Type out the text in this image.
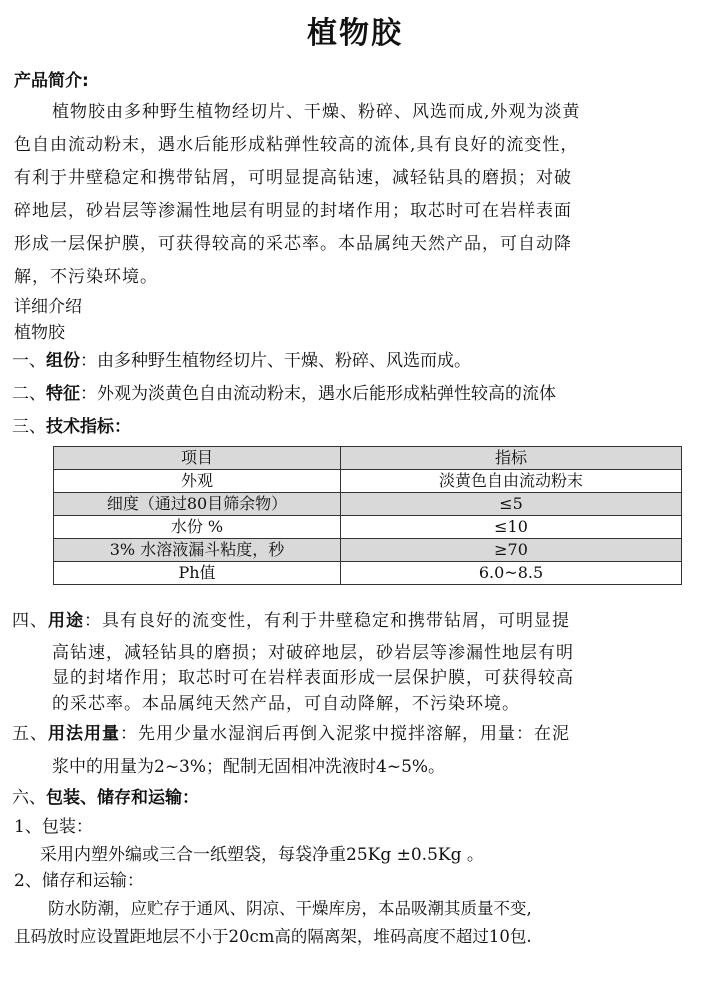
植物胶
产品简介:
植物胶由多种野生植物经切片、干燥、粉碎、风选而成,外观为淡黄
色自由流动粉末，遇水后能形成粘弹性较高的流体,具有良好的流变性，
有利于井壁稳定和携带钻屑，可明显提高钻速，减轻钻具的磨损；对破
碎地层，砂岩层等渗漏性地层有明显的封堵作用；取芯时可在岩样表面
形成一层保护膜，可获得较高的采芯率。本品属纯天然产品，可自动降
解，不污染环境。
详细介绍
植物胶
一、组份：由多种野生植物经切片、干燥、粉碎、风选而成。
二、特征：外观为淡黄色自由流动粉末，遇水后能形成粘弹性较高的流体
三、技术指标：
项目	指标
外观	淡黄色自由流动粉末
细度（通过80目筛余物）	≤5
水份 %	≤10
3% 水溶液漏斗粘度，秒	≥70
Ph值	6.0~8.5
四、用途：具有良好的流变性，有利于井壁稳定和携带钻屑，可明显提
高钻速，减轻钻具的磨损；对破碎地层，砂岩层等渗漏性地层有明
显的封堵作用；取芯时可在岩样表面形成一层保护膜，可获得较高
的采芯率。本品属纯天然产品，可自动降解，不污染环境。
五、用法用量：先用少量水湿润后再倒入泥浆中搅拌溶解，用量：在泥
浆中的用量为2~3%；配制无固相冲洗液时4~5%。
六、包装、储存和运输：
1、包装：
采用内塑外编或三合一纸塑袋，每袋净重25Kg ±0.5Kg 。
2、储存和运输：
防水防潮，应贮存于通风、阴凉、干燥库房，本品吸潮其质量不变,
且码放时应设置距地层不小于20cm高的隔离架，堆码高度不超过10包.
